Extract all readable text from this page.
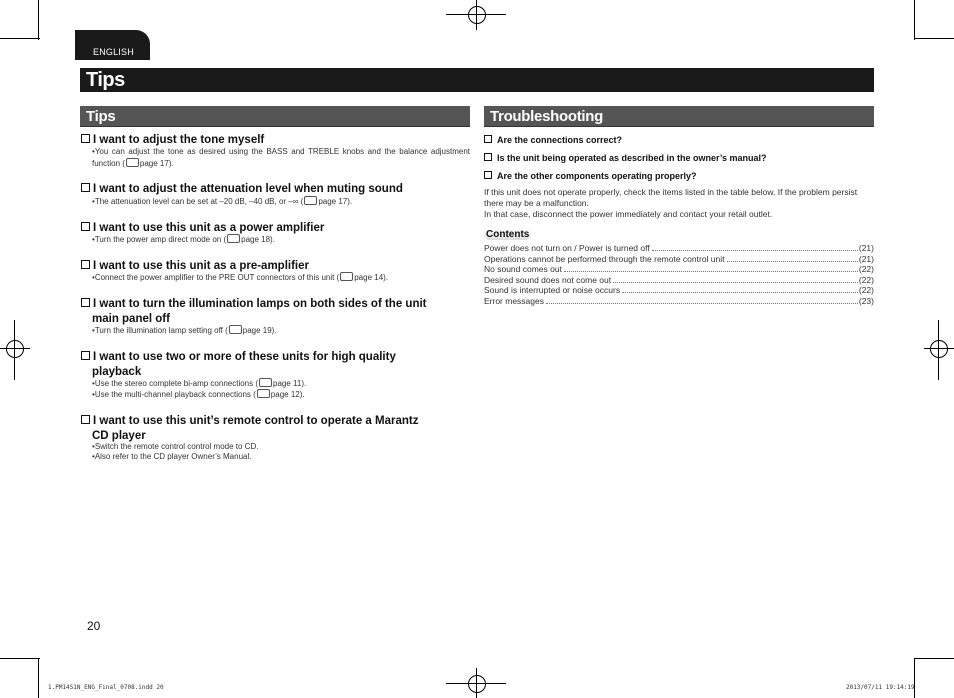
ENGLISH
Tips
Tips
I want to adjust the tone myself
•You can adjust the tone as desired using the BASS and TREBLE knobs and the balance adjustment function ( page 17).
I want to adjust the attenuation level when muting sound
•The attenuation level can be set at –20 dB, –40 dB, or –∞ ( page 17).
I want to use this unit as a power amplifier
•Turn the power amp direct mode on ( page 18).
I want to use this unit as a pre-amplifier
•Connect the power amplifier to the PRE OUT connectors of this unit ( page 14).
I want to turn the illumination lamps on both sides of the unit
main panel off
•Turn the illumination lamp setting off ( page 19).
I want to use two or more of these units for high quality
playback
•Use the stereo complete bi-amp connections ( page 11).
•Use the multi-channel playback connections ( page 12).
I want to use this unit’s remote control to operate a Marantz
CD player
•Switch the remote control control mode to CD.
•Also refer to the CD player Owner’s Manual.
Troubleshooting
Are the connections correct?
Is the unit being operated as described in the owner’s manual?
Are the other components operating properly?
If this unit does not operate properly, check the items listed in the table below. If the problem persist there may be a malfunction.
In that case, disconnect the power immediately and contact your retail outlet.
Contents
Power does not turn on / Power is turned off	(21)
Operations cannot be performed through the remote control unit	(21)
No sound comes out	(22)
Desired sound does not come out	(22)
Sound is interrupted or noise occurs	(22)
Error messages	(23)
20
1.PM14S1N_ENG_Final_0708.indd 20	2013/07/11 19:14:19
